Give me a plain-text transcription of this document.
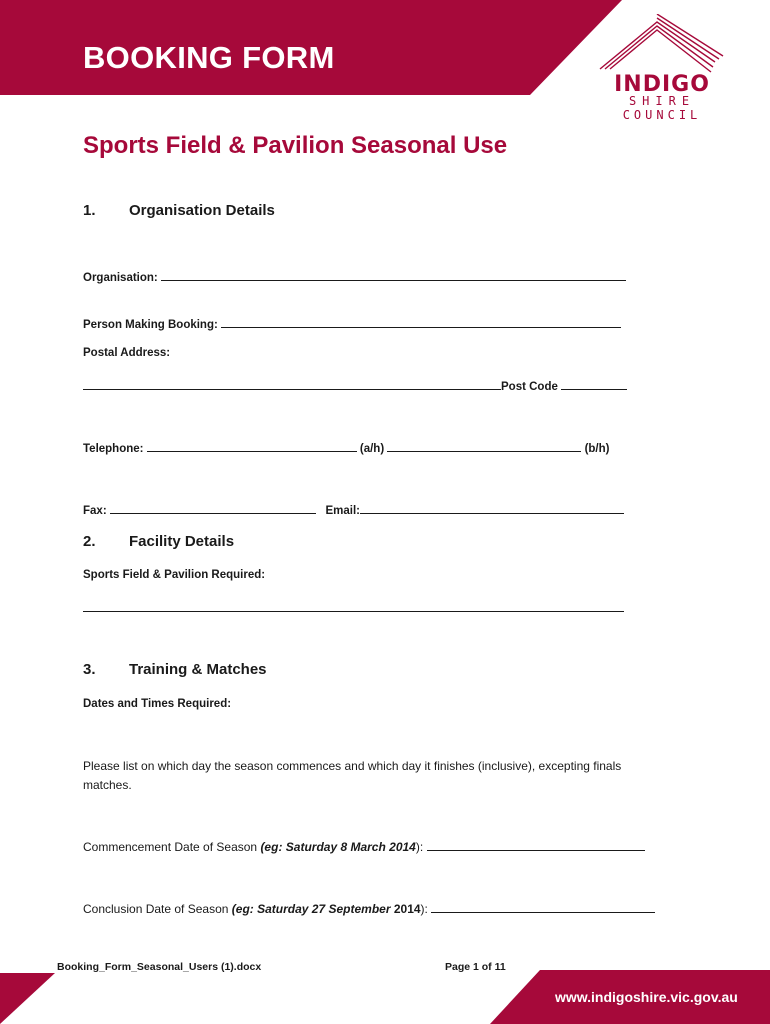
BOOKING FORM
INDIGO
SHIRE
COUNCIL
Sports Field & Pavilion Seasonal Use
1. Organisation Details
Organisation:
Person Making Booking:
Postal Address:
Post Code
Telephone:	(a/h)	(b/h)
Fax:	Email:
2. Facility Details
Sports Field & Pavilion Required:
3. Training & Matches
Dates and Times Required:
Please list on which day the season commences and which day it finishes (inclusive), excepting finals matches.
Commencement Date of Season (eg: Saturday 8 March 2014):
Conclusion Date of Season (eg: Saturday 27 September 2014):
Booking_Form_Seasonal_Users (1).docx	Page 1 of 11
www.indigoshire.vic.gov.au
